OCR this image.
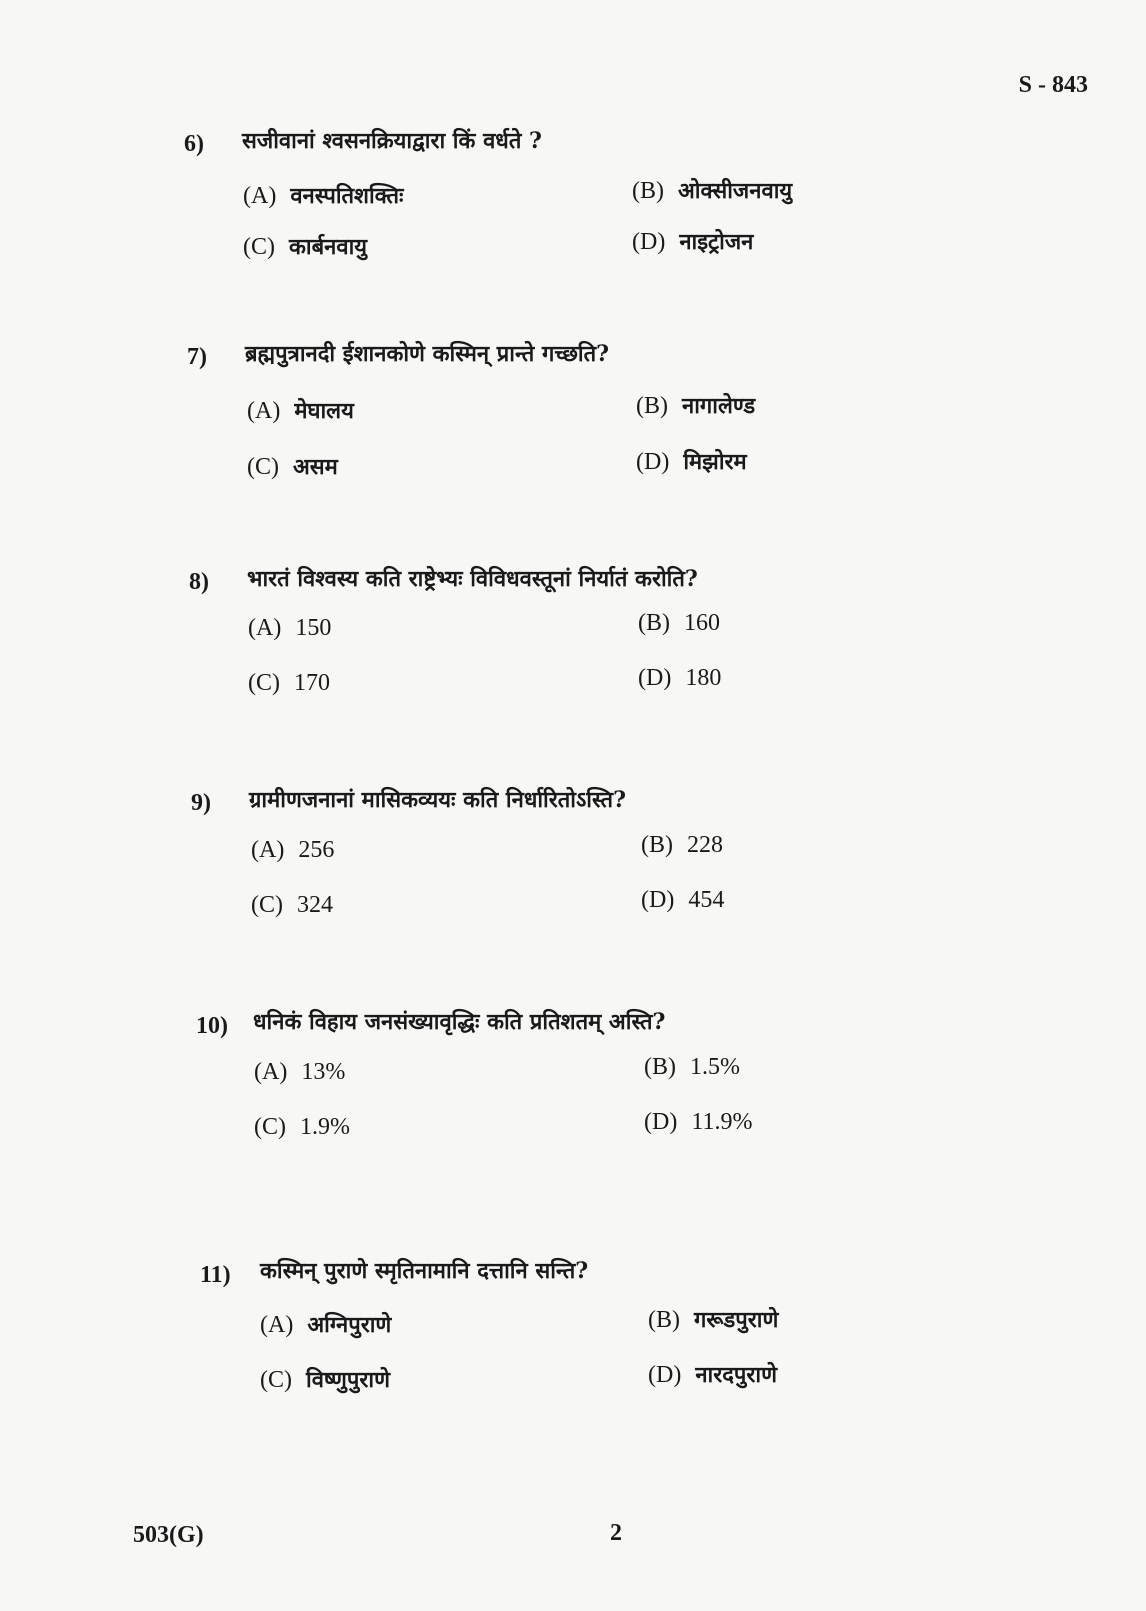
S - 843
6) सजीवानां श्वसनक्रियाद्वारा किं वर्धते ?
(A) वनस्पतिशक्तिः	(B) ओक्सीजनवायु
(C) कार्बनवायु	(D) नाइट्रोजन
7) ब्रह्मपुत्रानदी ईशानकोणे कस्मिन् प्रान्ते गच्छति?
(A) मेघालय	(B) नागालेण्ड
(C) असम	(D) मिझोरम
8) भारतं विश्वस्य कति राष्ट्रेभ्यः विविधवस्तूनां निर्यातं करोति?
(A) 150	(B) 160
(C) 170	(D) 180
9) ग्रामीणजनानां मासिकव्ययः कति निर्धारितोऽस्ति?
(A) 256	(B) 228
(C) 324	(D) 454
10) धनिकं विहाय जनसंख्यावृद्धिः कति प्रतिशतम् अस्ति?
(A) 13%	(B) 1.5%
(C) 1.9%	(D) 11.9%
11) कस्मिन् पुराणे स्मृतिनामानि दत्तानि सन्ति?
(A) अग्निपुराणे	(B) गरूडपुराणे
(C) विष्णुपुराणे	(D) नारदपुराणे
503(G)	2
